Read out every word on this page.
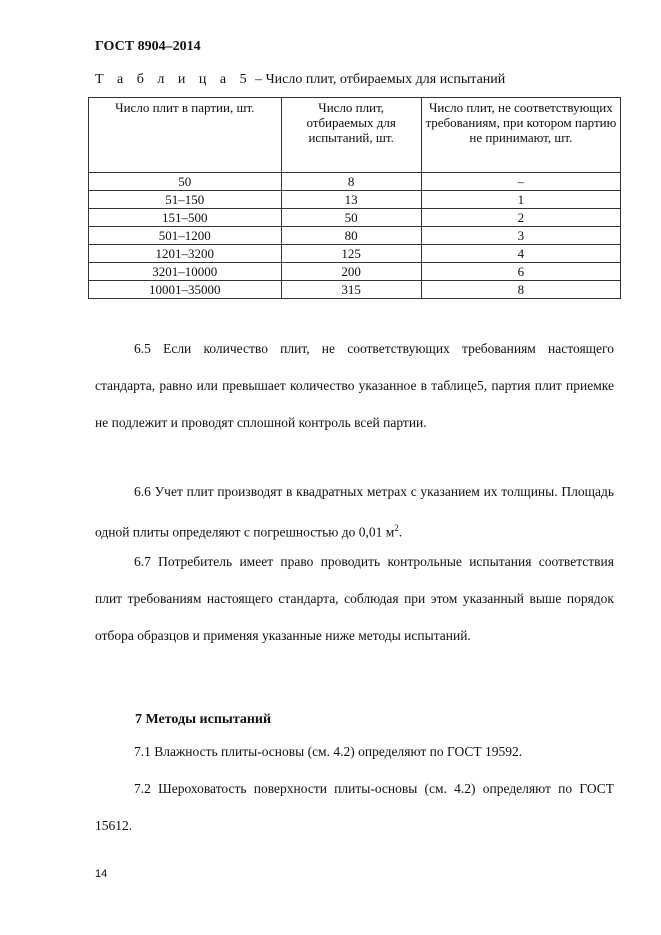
ГОСТ 8904–2014
Т а б л и ц а 5 – Число плит, отбираемых для испытаний
Число плит в партии, шт.	Число плит, отбираемых для испытаний, шт.	Число плит, не соответствующих требованиям, при котором партию не принимают, шт.
50	8	–
51–150	13	1
151–500	50	2
501–1200	80	3
1201–3200	125	4
3201–10000	200	6
10001–35000	315	8

6.5 Если количество плит, не соответствующих требованиям настоящего стандарта, равно или превышает количество указанное в таблице5, партия плит приемке не подлежит и проводят сплошной контроль всей партии.

6.6 Учет плит производят в квадратных метрах с указанием их толщины. Площадь одной плиты определяют с погрешностью до 0,01 $м^2$.

6.7 Потребитель имеет право проводить контрольные испытания соответствия плит требованиям настоящего стандарта, соблюдая при этом указанный выше порядок отбора образцов и применяя указанные ниже методы испытаний.

7 Методы испытаний

7.1 Влажность плиты-основы (см. 4.2) определяют по ГОСТ 19592.

7.2 Шероховатость поверхности плиты-основы (см. 4.2) определяют по ГОСТ 15612.

14
